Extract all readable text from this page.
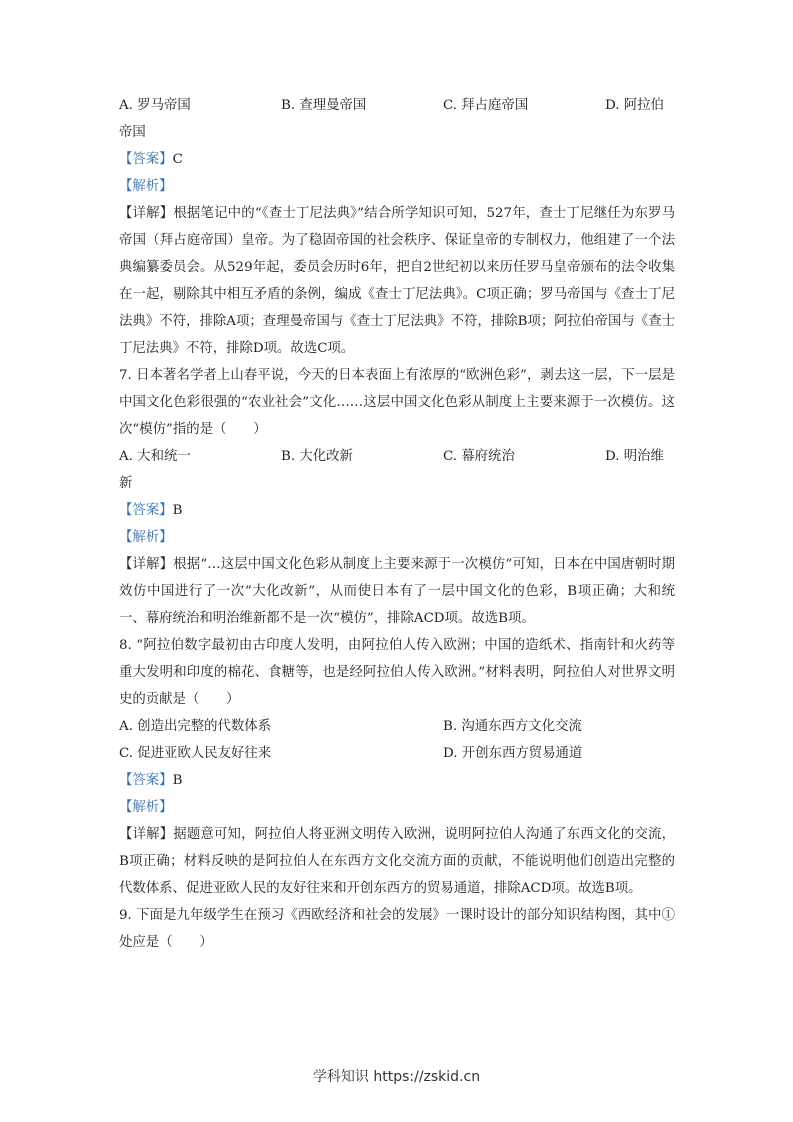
A. 罗马帝国	B. 查理曼帝国	C. 拜占庭帝国	D. 阿拉伯
帝国
【答案】C
【解析】
【详解】根据笔记中的“《查士丁尼法典》”结合所学知识可知，527年，查士丁尼继任为东罗马帝国（拜占庭帝国）皇帝。为了稳固帝国的社会秩序、保证皇帝的专制权力，他组建了一个法典编纂委员会。从529年起，委员会历时6年，把自2世纪初以来历任罗马皇帝颁布的法令收集在一起，剔除其中相互矛盾的条例，编成《查士丁尼法典》。C项正确；罗马帝国与《查士丁尼法典》不符，排除A项；查理曼帝国与《查士丁尼法典》不符，排除B项；阿拉伯帝国与《查士丁尼法典》不符，排除D项。故选C项。
7. 日本著名学者上山春平说，今天的日本表面上有浓厚的“欧洲色彩”，剥去这一层，下一层是中国文化色彩很强的“农业社会”文化……这层中国文化色彩从制度上主要来源于一次模仿。这次“模仿”指的是（　　）
A. 大和统一	B. 大化改新	C. 幕府统治	D. 明治维
新
【答案】B
【解析】
【详解】根据“…这层中国文化色彩从制度上主要来源于一次模仿”可知，日本在中国唐朝时期效仿中国进行了一次“大化改新”，从而使日本有了一层中国文化的色彩，B项正确；大和统一、幕府统治和明治维新都不是一次“模仿”，排除ACD项。故选B项。
8. “阿拉伯数字最初由古印度人发明，由阿拉伯人传入欧洲；中国的造纸术、指南针和火药等重大发明和印度的棉花、食糖等，也是经阿拉伯人传入欧洲。”材料表明，阿拉伯人对世界文明史的贡献是（　　）
A. 创造出完整的代数体系	B. 沟通东西方文化交流
C. 促进亚欧人民友好往来	D. 开创东西方贸易通道
【答案】B
【解析】
【详解】据题意可知，阿拉伯人将亚洲文明传入欧洲，说明阿拉伯人沟通了东西文化的交流，B项正确；材料反映的是阿拉伯人在东西方文化交流方面的贡献，不能说明他们创造出完整的代数体系、促进亚欧人民的友好往来和开创东西方的贸易通道，排除ACD项。故选B项。
9. 下面是九年级学生在预习《西欧经济和社会的发展》一课时设计的部分知识结构图，其中①处应是（　　）
学科知识 https://zskid.cn
